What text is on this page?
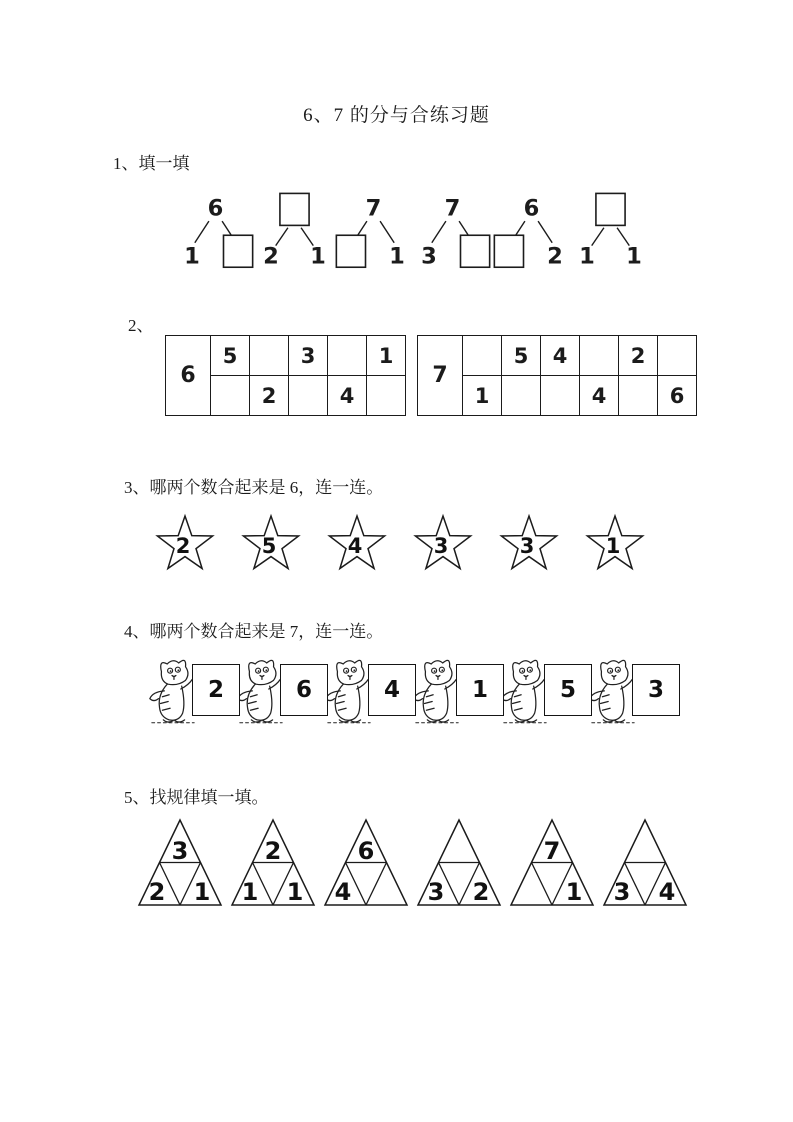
6、7 的分与合练习题
1、填一填
6
1	2 1
7
1
7
3
6
2 1 1
2、
6	5		3		1
		2		4	
7		5	4		2	
	1			4		6
3、哪两个数合起来是 6，连一连。
2	5	4	3	3	1
4、哪两个数合起来是 7，连一连。
2	6	4	1	5	3
5、找规律填一填。
3
2 1
2
1 1
6
4	3 2
7
1 3 4
